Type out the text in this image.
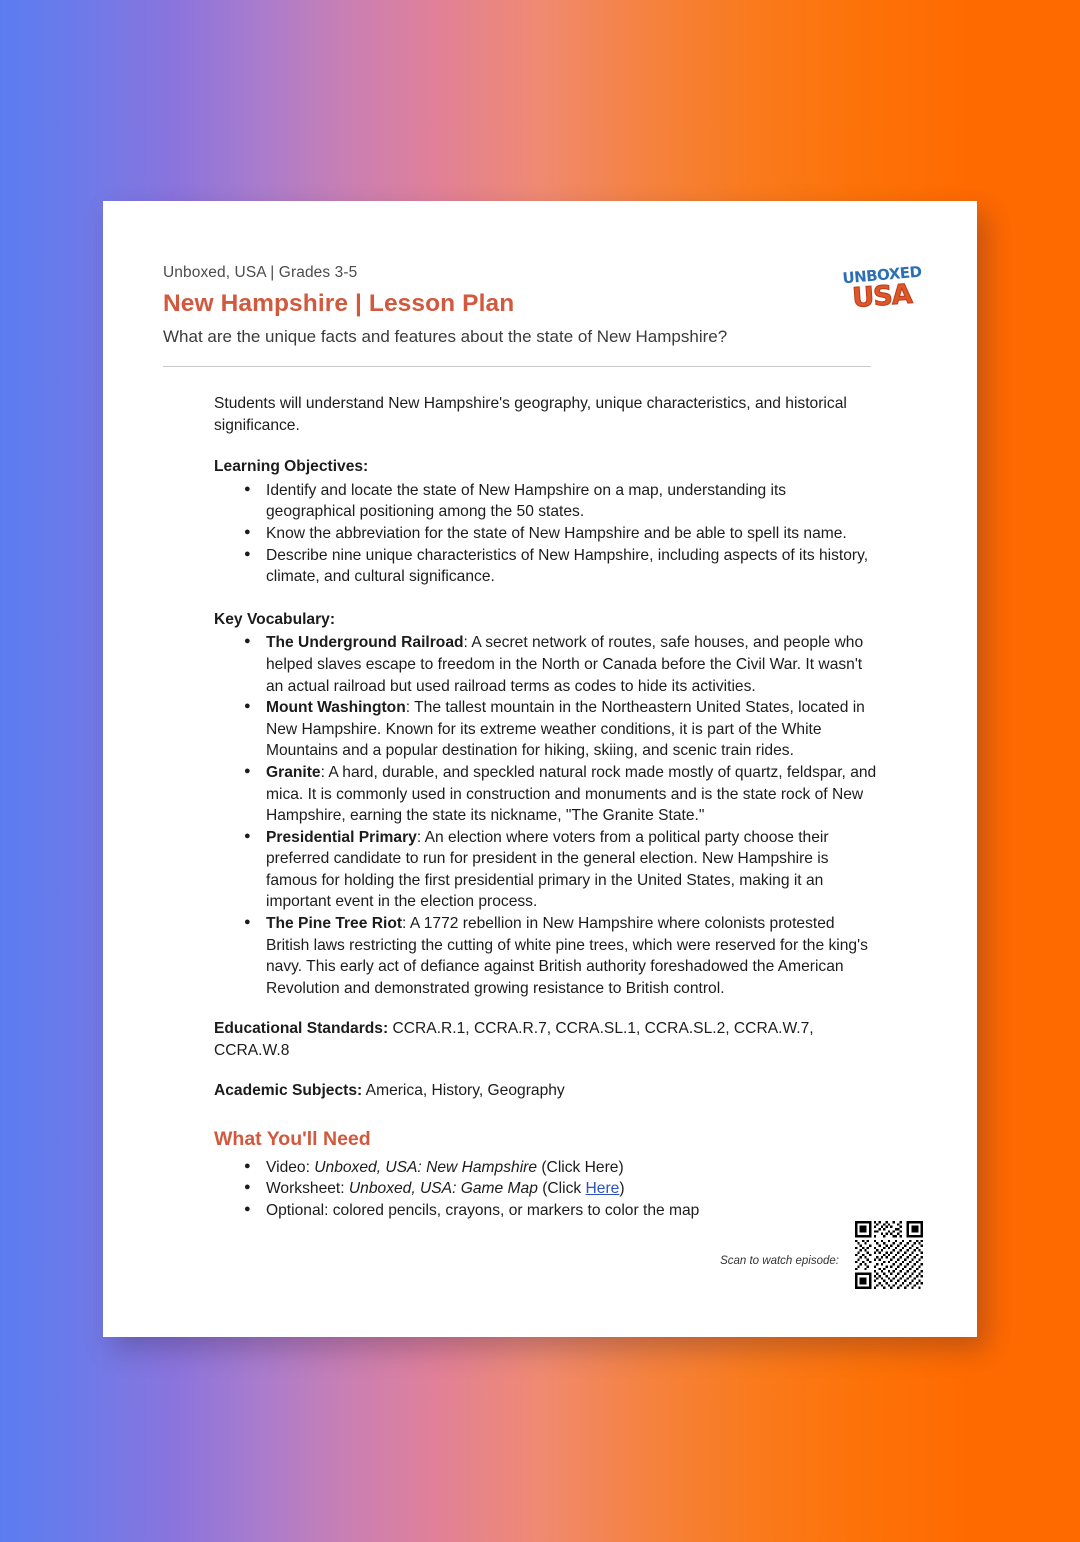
Unboxed, USA | Grades 3-5
New Hampshire | Lesson Plan
What are the unique facts and features about the state of New Hampshire?
UNBOXED
USA
Students will understand New Hampshire's geography, unique characteristics, and historical significance.
Learning Objectives:
● Identify and locate the state of New Hampshire on a map, understanding its geographical positioning among the 50 states.
● Know the abbreviation for the state of New Hampshire and be able to spell its name.
● Describe nine unique characteristics of New Hampshire, including aspects of its history, climate, and cultural significance.
Key Vocabulary:
● The Underground Railroad: A secret network of routes, safe houses, and people who helped slaves escape to freedom in the North or Canada before the Civil War. It wasn't an actual railroad but used railroad terms as codes to hide its activities.
● Mount Washington: The tallest mountain in the Northeastern United States, located in New Hampshire. Known for its extreme weather conditions, it is part of the White Mountains and a popular destination for hiking, skiing, and scenic train rides.
● Granite: A hard, durable, and speckled natural rock made mostly of quartz, feldspar, and mica. It is commonly used in construction and monuments and is the state rock of New Hampshire, earning the state its nickname, "The Granite State."
● Presidential Primary: An election where voters from a political party choose their preferred candidate to run for president in the general election. New Hampshire is famous for holding the first presidential primary in the United States, making it an important event in the election process.
● The Pine Tree Riot: A 1772 rebellion in New Hampshire where colonists protested British laws restricting the cutting of white pine trees, which were reserved for the king's navy. This early act of defiance against British authority foreshadowed the American Revolution and demonstrated growing resistance to British control.
Educational Standards: CCRA.R.1, CCRA.R.7, CCRA.SL.1, CCRA.SL.2, CCRA.W.7, CCRA.W.8
Academic Subjects: America, History, Geography
What You'll Need
● Video: Unboxed, USA: New Hampshire (Click Here)
● Worksheet: Unboxed, USA: Game Map (Click Here)
● Optional: colored pencils, crayons, or markers to color the map
Scan to watch episode:
